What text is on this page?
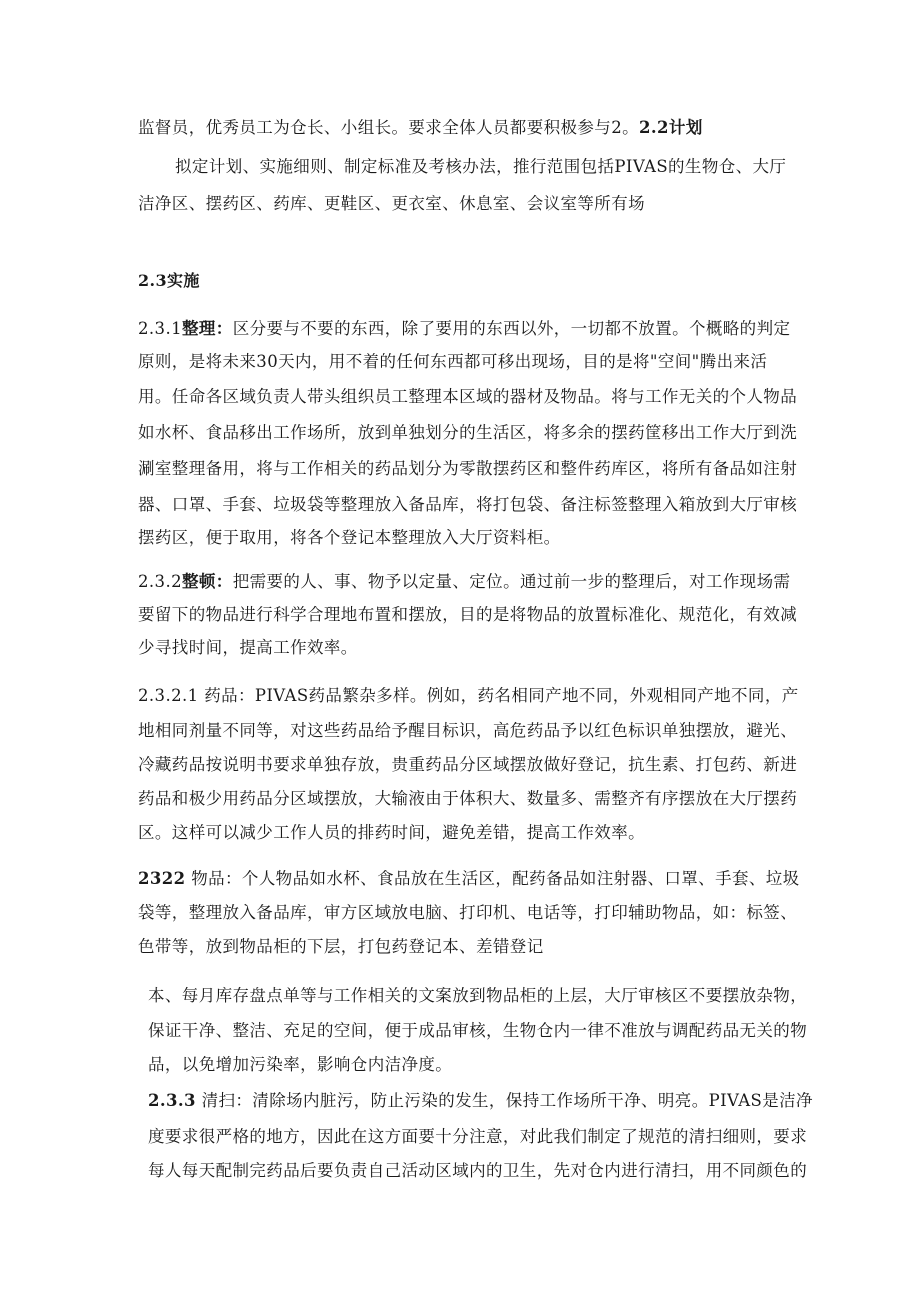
监督员，优秀员工为仓长、小组长。要求全体人员都要积极参与2。2.2计划
拟定计划、实施细则、制定标准及考核办法，推行范围包括PIVAS的生物仓、大厅
洁净区、摆药区、药库、更鞋区、更衣室、休息室、会议室等所有场
2.3实施
2.3.1整理：区分要与不要的东西，除了要用的东西以外，一切都不放置。个概略的判定
原则，是将未来30天内，用不着的任何东西都可移出现场，目的是将"空间"腾出来活
用。任命各区域负责人带头组织员工整理本区域的器材及物品。将与工作无关的个人物品
如水杯、食品移出工作场所，放到单独划分的生活区，将多余的摆药筐移出工作大厅到洗
涮室整理备用，将与工作相关的药品划分为零散摆药区和整件药库区，将所有备品如注射
器、口罩、手套、垃圾袋等整理放入备品库，将打包袋、备注标签整理入箱放到大厅审核
摆药区，便于取用，将各个登记本整理放入大厅资料柜。
2.3.2整顿：把需要的人、事、物予以定量、定位。通过前一步的整理后，对工作现场需
要留下的物品进行科学合理地布置和摆放，目的是将物品的放置标准化、规范化，有效减
少寻找时间，提高工作效率。
2.3.2.1 药品：PIVAS药品繁杂多样。例如，药名相同产地不同，外观相同产地不同，产
地相同剂量不同等，对这些药品给予醒目标识，高危药品予以红色标识单独摆放，避光、
冷藏药品按说明书要求单独存放，贵重药品分区域摆放做好登记，抗生素、打包药、新进
药品和极少用药品分区域摆放，大输液由于体积大、数量多、需整齐有序摆放在大厅摆药
区。这样可以减少工作人员的排药时间，避免差错，提高工作效率。
2322 物品：个人物品如水杯、食品放在生活区，配药备品如注射器、口罩、手套、垃圾
袋等，整理放入备品库，审方区域放电脑、打印机、电话等，打印辅助物品，如：标签、
色带等，放到物品柜的下层，打包药登记本、差错登记
本、每月库存盘点单等与工作相关的文案放到物品柜的上层，大厅审核区不要摆放杂物，
保证干净、整洁、充足的空间，便于成品审核，生物仓内一律不准放与调配药品无关的物
品，以免增加污染率，影响仓内洁净度。
2.3.3 清扫：清除场内脏污，防止污染的发生，保持工作场所干净、明亮。PIVAS是洁净
度要求很严格的地方，因此在这方面要十分注意，对此我们制定了规范的清扫细则，要求
每人每天配制完药品后要负责自己活动区域内的卫生，先对仓内进行清扫，用不同颜色的
